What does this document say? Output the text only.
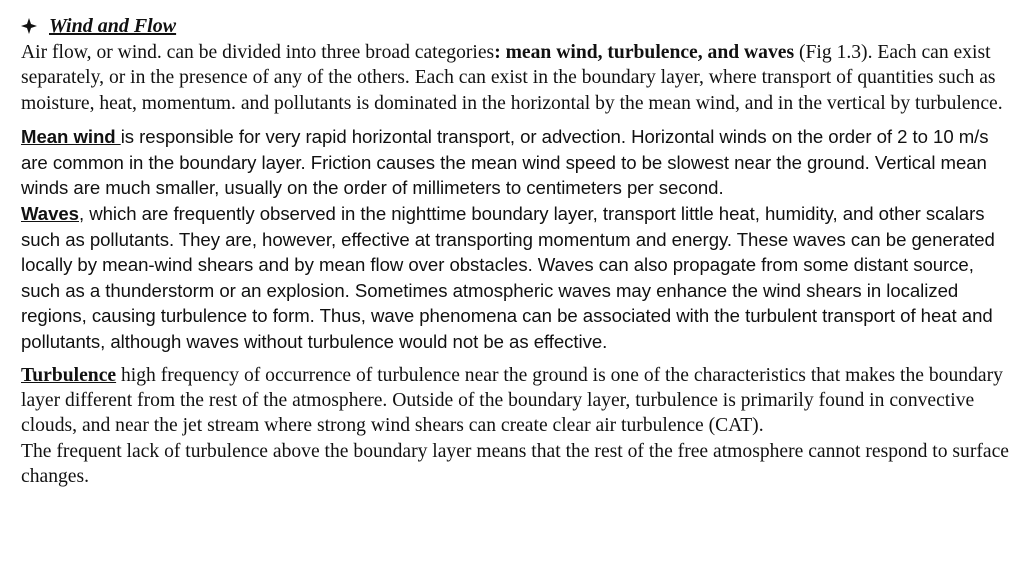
Wind and Flow

Air flow, or wind. can be divided into three broad categories: mean wind, turbulence, and waves (Fig 1.3). Each can exist separately, or in the presence of any of the others. Each can exist in the boundary layer, where transport of quantities such as moisture, heat, momentum. and pollutants is dominated in the horizontal by the mean wind, and in the vertical by turbulence.

Mean wind is responsible for very rapid horizontal transport, or advection. Horizontal winds on the order of 2 to 10 m/s are common in the boundary layer. Friction causes the mean wind speed to be slowest near the ground. Vertical mean winds are much smaller, usually on the order of millimeters to centimeters per second.
Waves, which are frequently observed in the nighttime boundary layer, transport little heat, humidity, and other scalars such as pollutants. They are, however, effective at transporting momentum and energy. These waves can be generated locally by mean-wind shears and by mean flow over obstacles. Waves can also propagate from some distant source, such as a thunderstorm or an explosion. Sometimes atmospheric waves may enhance the wind shears in localized regions, causing turbulence to form. Thus, wave phenomena can be associated with the turbulent transport of heat and pollutants, although waves without turbulence would not be as effective.

Turbulence high frequency of occurrence of turbulence near the ground is one of the characteristics that makes the boundary layer different from the rest of the atmosphere. Outside of the boundary layer, turbulence is primarily found in convective clouds, and near the jet stream where strong wind shears can create clear air turbulence (CAT).
The frequent lack of turbulence above the boundary layer means that the rest of the free atmosphere cannot respond to surface changes.
